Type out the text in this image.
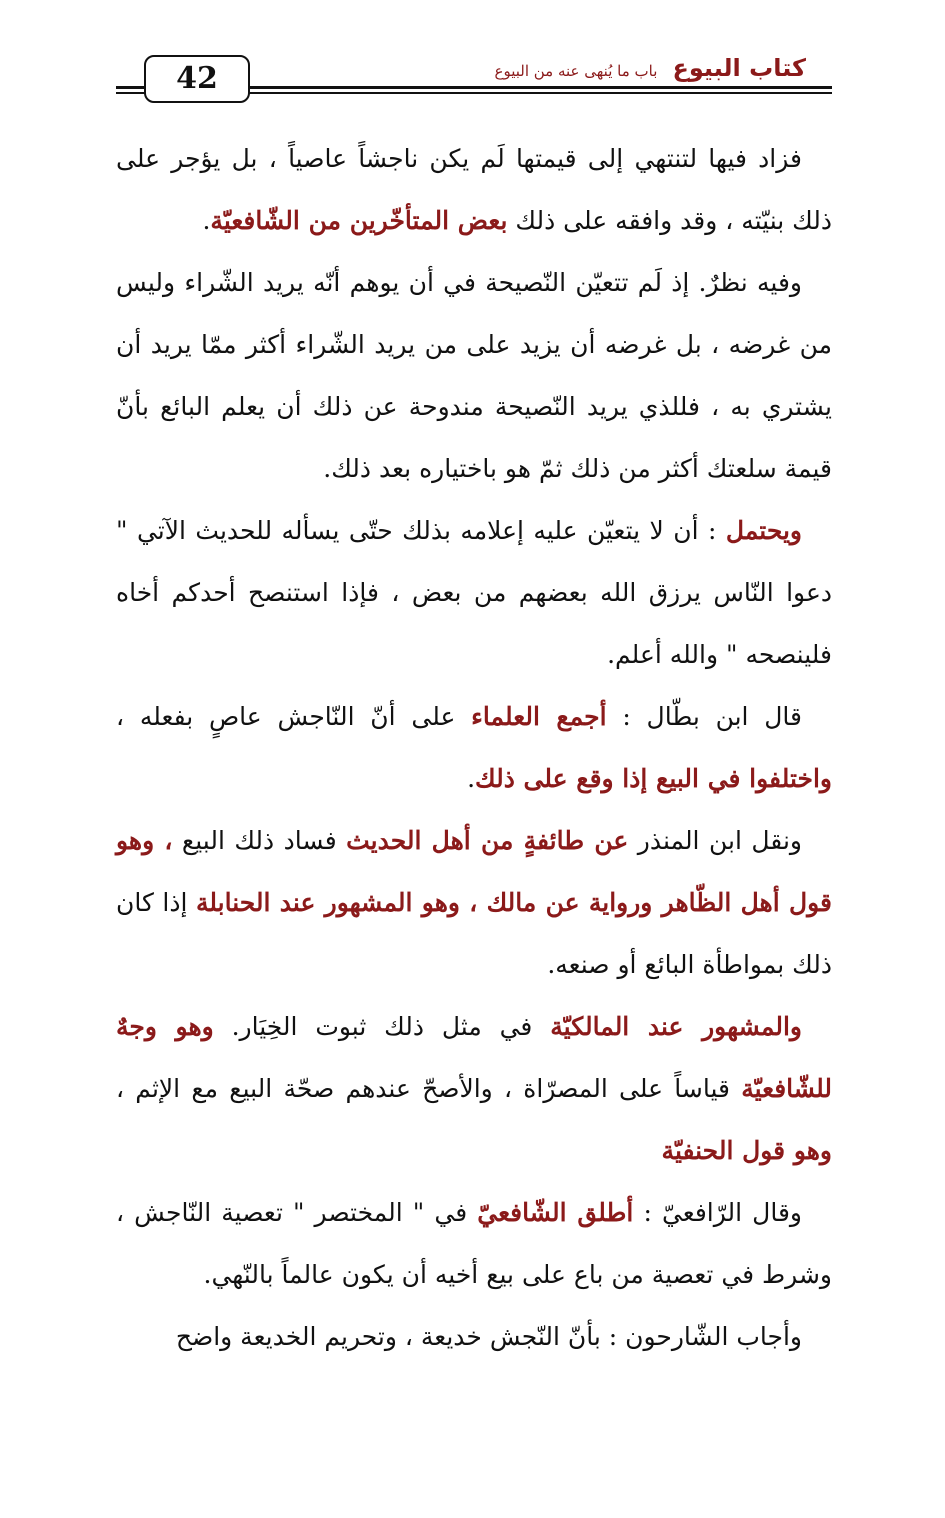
42	كتاب البيوع باب ما يُنهى عنه من البيوع

فزاد فيها لتنتهي إلى قيمتها لَم يكن ناجشاً عاصياً ، بل يؤجر على ذلك بنيّته ، وقد وافقه على ذلك بعض المتأخّرين من الشّافعيّة.

وفيه نظرٌ. إذ لَم تتعيّن النّصيحة في أن يوهم أنّه يريد الشّراء وليس من غرضه ، بل غرضه أن يزيد على من يريد الشّراء أكثر ممّا يريد أن يشتري به ، فللذي يريد النّصيحة مندوحة عن ذلك أن يعلم البائع بأنّ قيمة سلعتك أكثر من ذلك ثمّ هو باختياره بعد ذلك.

ويحتمل : أن لا يتعيّن عليه إعلامه بذلك حتّى يسأله للحديث الآتي " دعوا النّاس يرزق الله بعضهم من بعض ، فإذا استنصح أحدكم أخاه فلينصحه " والله أعلم.

قال ابن بطّال : أجمع العلماء على أنّ النّاجش عاصٍ بفعله ، واختلفوا في البيع إذا وقع على ذلك.

ونقل ابن المنذر عن طائفةٍ من أهل الحديث فساد ذلك البيع ، وهو قول أهل الظّاهر ورواية عن مالك ، وهو المشهور عند الحنابلة إذا كان ذلك بمواطأة البائع أو صنعه.

والمشهور عند المالكيّة في مثل ذلك ثبوت الخِيَار. وهو وجهٌ للشّافعيّة قياساً على المصرّاة ، والأصحّ عندهم صحّة البيع مع الإثم ، وهو قول الحنفيّة

وقال الرّافعيّ : أطلق الشّافعيّ في " المختصر " تعصية النّاجش ، وشرط في تعصية من باع على بيع أخيه أن يكون عالماً بالنّهي.

وأجاب الشّارحون : بأنّ النّجش خديعة ، وتحريم الخديعة واضح
